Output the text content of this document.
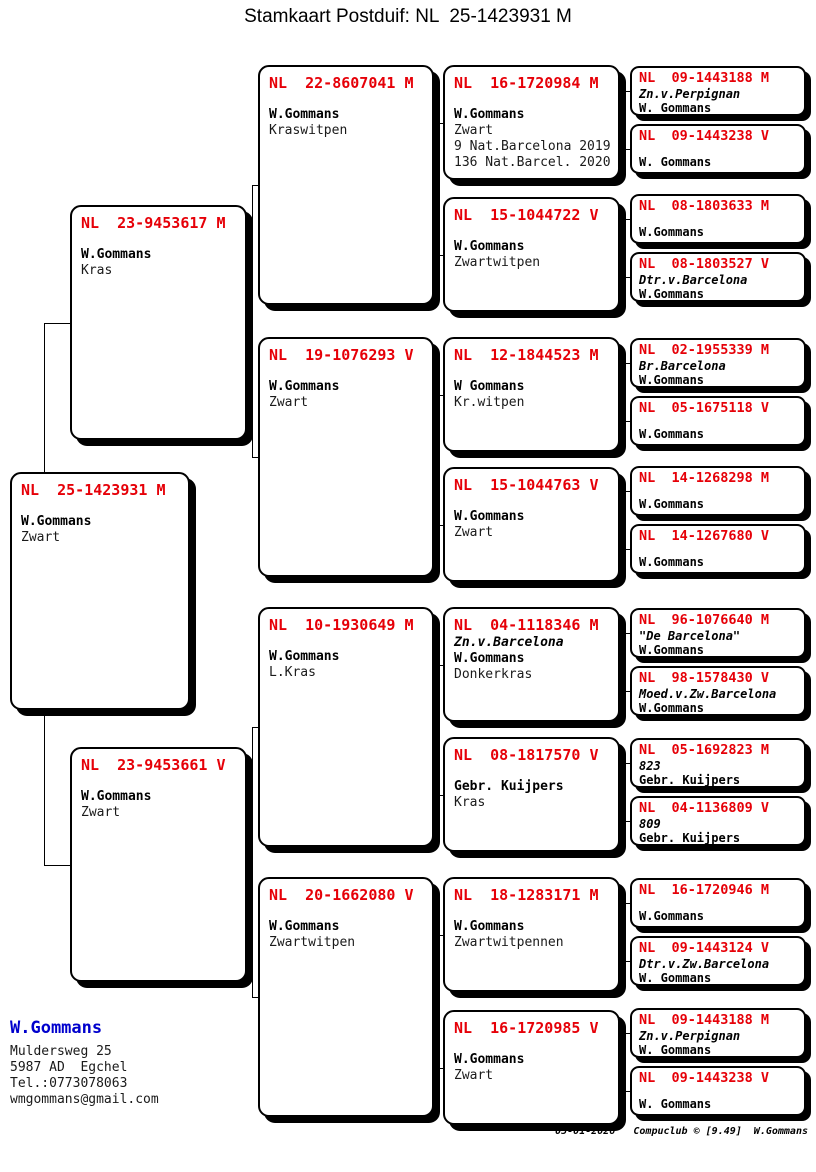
Stamkaart Postduif: NL  25-1423931 M
NL  25-1423931 M
W.Gommans
Zwart
NL  23-9453617 M
W.Gommans
Kras
NL  23-9453661 V
W.Gommans
Zwart
NL  22-8607041 M
W.Gommans
Kraswitpen
NL  19-1076293 V
W.Gommans
Zwart
NL  10-1930649 M
W.Gommans
L.Kras
NL  20-1662080 V
W.Gommans
Zwartwitpen
NL  16-1720984 M
W.Gommans
Zwart
9 Nat.Barcelona 2019
136 Nat.Barcel. 2020
NL  15-1044722 V
W.Gommans
Zwartwitpen
NL  12-1844523 M
W Gommans
Kr.witpen
NL  15-1044763 V
W.Gommans
Zwart
NL  04-1118346 M
Zn.v.Barcelona
W.Gommans
Donkerkras
NL  08-1817570 V
Gebr. Kuijpers
Kras
NL  18-1283171 M
W.Gommans
Zwartwitpennen
NL  16-1720985 V
W.Gommans
Zwart
NL  09-1443188 M
Zn.v.Perpignan
W. Gommans
NL  09-1443238 V
W. Gommans
NL  08-1803633 M
W.Gommans
NL  08-1803527 V
Dtr.v.Barcelona
W.Gommans
NL  02-1955339 M
Br.Barcelona
W.Gommans
NL  05-1675118 V
W.Gommans
NL  14-1268298 M
W.Gommans
NL  14-1267680 V
W.Gommans
NL  96-1076640 M
"De Barcelona"
W.Gommans
NL  98-1578430 V
Moed.v.Zw.Barcelona
W.Gommans
NL  05-1692823 M
823
Gebr. Kuijpers
NL  04-1136809 V
809
Gebr. Kuijpers
NL  16-1720946 M
W.Gommans
NL  09-1443124 V
Dtr.v.Zw.Barcelona
W. Gommans
NL  09-1443188 M
Zn.v.Perpignan
W. Gommans
NL  09-1443238 V
W. Gommans
W.Gommans
Muldersweg 25
5987 AD  Egchel
Tel.:0773078063
wmgommans@gmail.com
05-01-2026   Compuclub © [9.49]  W.Gommans
